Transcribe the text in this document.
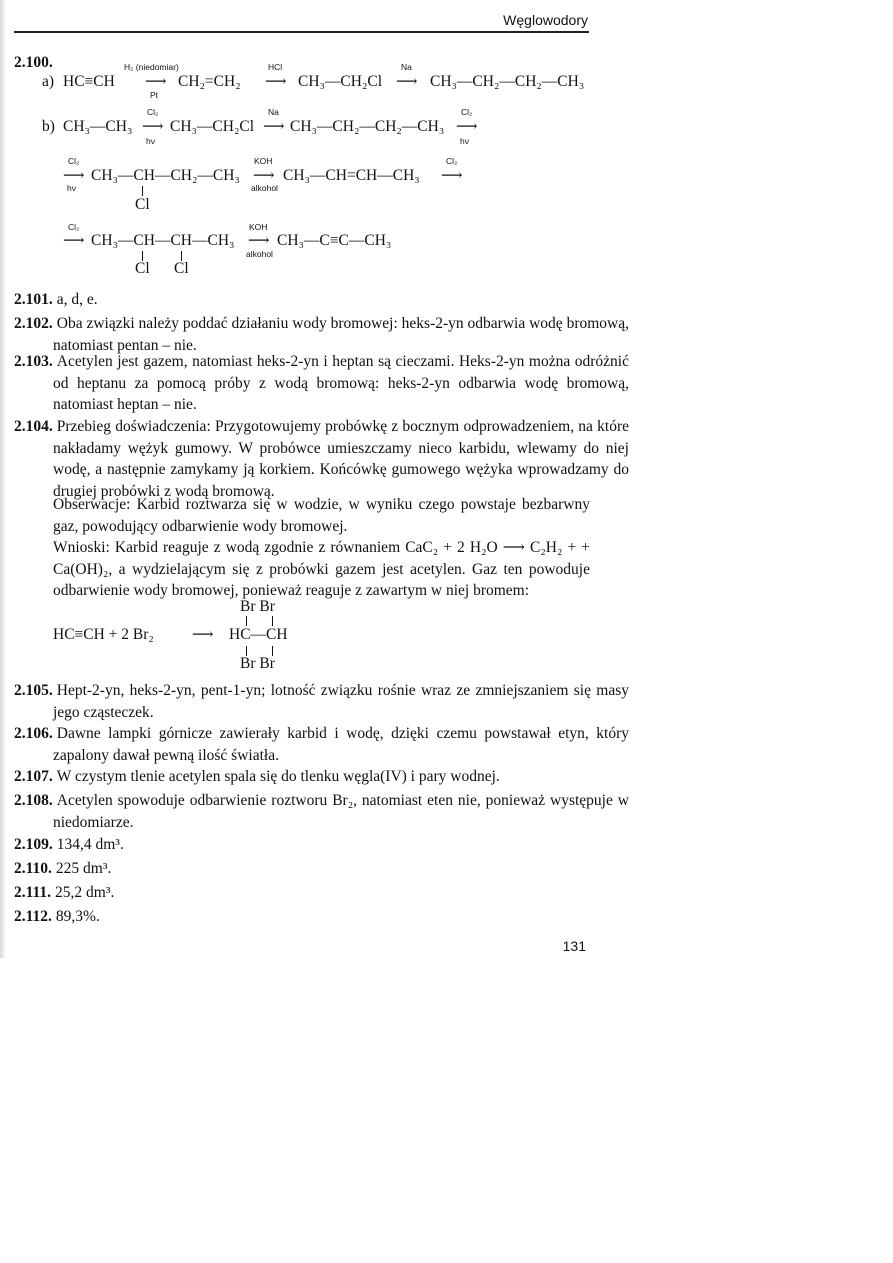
Węglowodory
2.100.
a) HC≡CH
H₂ (niedomiar)
⟶
Pt
CH₂=CH₂
HCl
⟶ CH₃—CH₂Cl
Na
⟶ CH₃—CH₂—CH₂—CH₃
b) CH₃—CH₃
Cl₂
⟶
hν
CH₃—CH₂Cl
Na
⟶ CH₃—CH₂—CH₂—CH₃
Cl₂
⟶
hν
Cl₂
⟶
hν
CH₃—CH—CH₂—CH₃
Cl
KOH
⟶
alkohol
CH₃—CH=CH—CH₃
Cl₂
⟶
Cl₂
⟶ CH₃—CH—CH—CH₃
Cl Cl
KOH
⟶
alkohol
CH₃—C≡C—CH₃
2.101. a, d, e.
2.102. Oba związki należy poddać działaniu wody bromowej: heks-2-yn odbarwia wodę bromową, natomiast pentan – nie.
2.103. Acetylen jest gazem, natomiast heks-2-yn i heptan są cieczami. Heks-2-yn można odróżnić od heptanu za pomocą próby z wodą bromową: heks-2-yn odbarwia wodę bromową, natomiast heptan – nie.
2.104. Przebieg doświadczenia: Przygotowujemy probówkę z bocznym odprowadzeniem, na które nakładamy wężyk gumowy. W probówce umieszczamy nieco karbidu, wlewamy do niej wodę, a następnie zamykamy ją korkiem. Końcówkę gumowego wężyka wprowadzamy do drugiej probówki z wodą bromową.
Obserwacje: Karbid roztwarza się w wodzie, w wyniku czego powstaje bezbarwny gaz, powodujący odbarwienie wody bromowej.
Wnioski: Karbid reaguje z wodą zgodnie z równaniem CaC₂ + 2 H₂O ⟶ C₂H₂ + + Ca(OH)₂, a wydzielającym się z probówki gazem jest acetylen. Gaz ten powoduje odbarwienie wody bromowej, ponieważ reaguje z zawartym w niej bromem:
Br Br
HC≡CH + 2 Br₂	⟶ HC—CH
Br Br
2.105. Hept-2-yn, heks-2-yn, pent-1-yn; lotność związku rośnie wraz ze zmniejszaniem się masy jego cząsteczek.
2.106. Dawne lampki górnicze zawierały karbid i wodę, dzięki czemu powstawał etyn, który zapalony dawał pewną ilość światła.
2.107. W czystym tlenie acetylen spala się do tlenku węgla(IV) i pary wodnej.
2.108. Acetylen spowoduje odbarwienie roztworu Br₂, natomiast eten nie, ponieważ występuje w niedomiarze.
2.109. 134,4 dm³.
2.110. 225 dm³.
2.111. 25,2 dm³.
2.112. 89,3%.
131
